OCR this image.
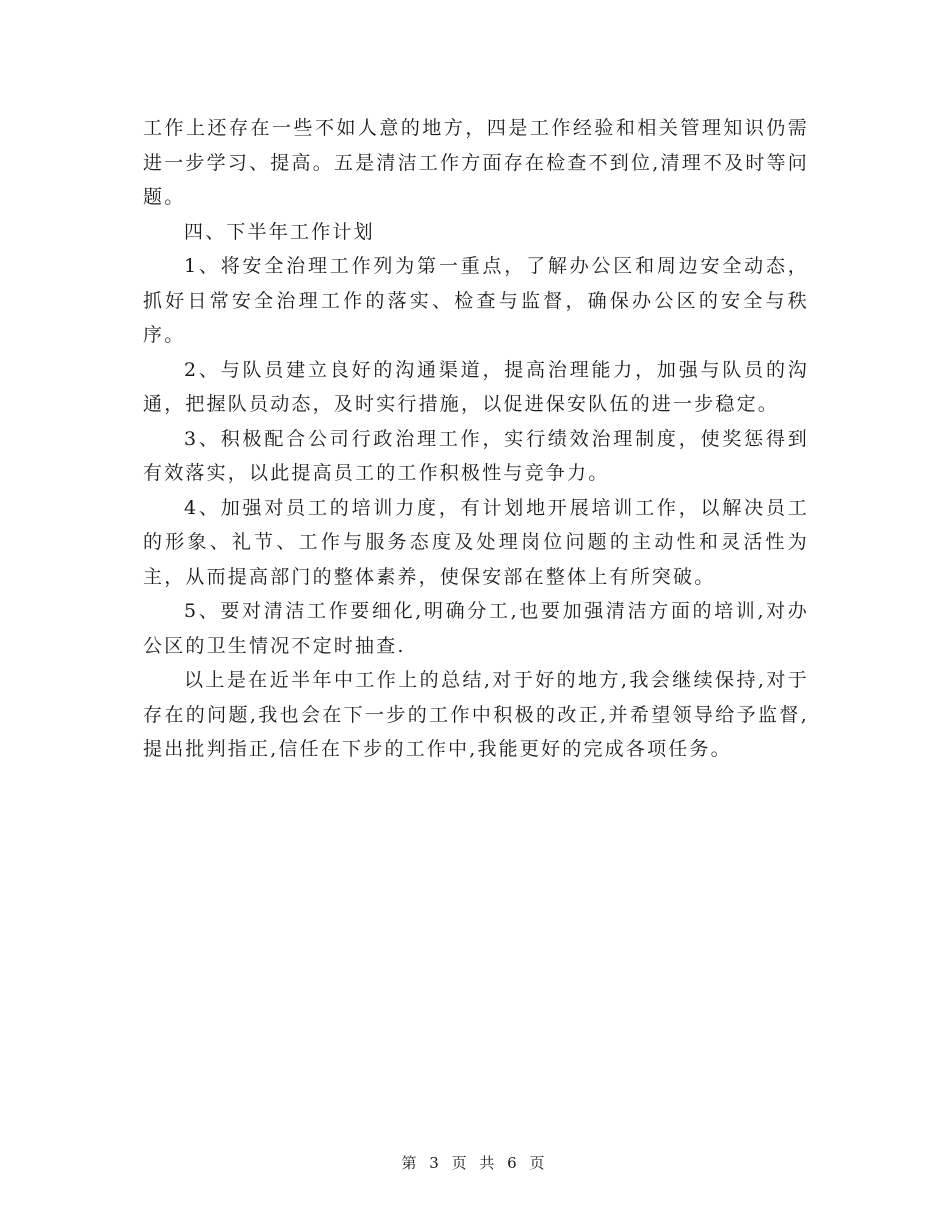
工作上还存在一些不如人意的地方，四是工作经验和相关管理知识仍需进一步学习、提高。五是清洁工作方面存在检查不到位,清理不及时等问题。

四、下半年工作计划

1、将安全治理工作列为第一重点，了解办公区和周边安全动态，抓好日常安全治理工作的落实、检查与监督，确保办公区的安全与秩序。

2、与队员建立良好的沟通渠道，提高治理能力，加强与队员的沟通，把握队员动态，及时实行措施，以促进保安队伍的进一步稳定。

3、积极配合公司行政治理工作，实行绩效治理制度，使奖惩得到有效落实，以此提高员工的工作积极性与竞争力。

4、加强对员工的培训力度，有计划地开展培训工作，以解决员工的形象、礼节、工作与服务态度及处理岗位问题的主动性和灵活性为主，从而提高部门的整体素养，使保安部在整体上有所突破。

5、要对清洁工作要细化,明确分工,也要加强清洁方面的培训,对办公区的卫生情况不定时抽查.

以上是在近半年中工作上的总结,对于好的地方,我会继续保持,对于存在的问题,我也会在下一步的工作中积极的改正,并希望领导给予监督,提出批判指正,信任在下步的工作中,我能更好的完成各项任务。

第 3 页 共 6 页
